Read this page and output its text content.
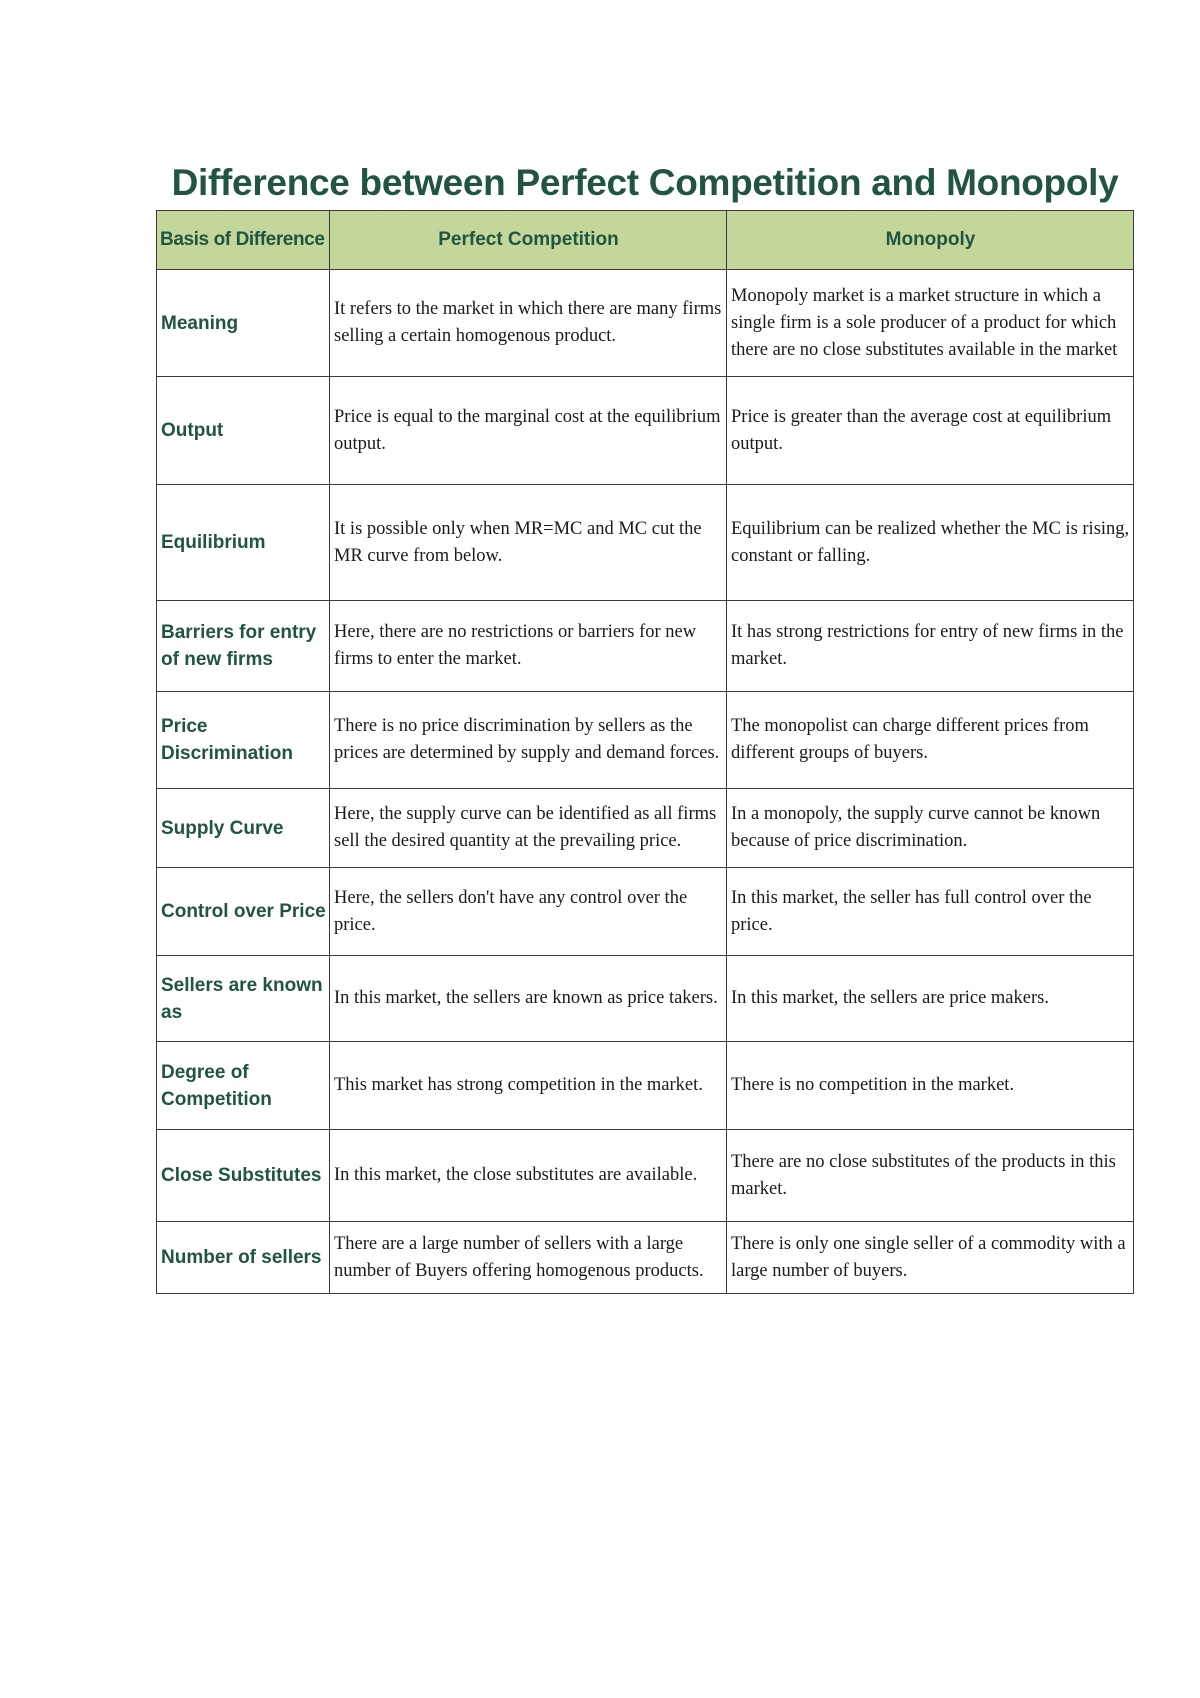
Difference between Perfect Competition and Monopoly
Basis of Difference	Perfect Competition	Monopoly
Meaning	It refers to the market in which there are many firms selling a certain homogenous product.	Monopoly market is a market structure in which a single firm is a sole producer of a product for which there are no close substitutes available in the market
Output	Price is equal to the marginal cost at the equilibrium output.	Price is greater than the average cost at equilibrium output.
Equilibrium	It is possible only when MR=MC and MC cut the MR curve from below.	Equilibrium can be realized whether the MC is rising, constant or falling.
Barriers for entry of new firms	Here, there are no restrictions or barriers for new firms to enter the market.	It has strong restrictions for entry of new firms in the market.
Price Discrimination	There is no price discrimination by sellers as the prices are determined by supply and demand forces.	The monopolist can charge different prices from different groups of buyers.
Supply Curve	Here, the supply curve can be identified as all firms sell the desired quantity at the prevailing price.	In a monopoly, the supply curve cannot be known because of price discrimination.
Control over Price	Here, the sellers don't have any control over the price.	In this market, the seller has full control over the price.
Sellers are known as	In this market, the sellers are known as price takers.	In this market, the sellers are price makers.
Degree of Competition	This market has strong competition in the market.	There is no competition in the market.
Close Substitutes	In this market, the close substitutes are available.	There are no close substitutes of the products in this market.
Number of sellers	There are a large number of sellers with a large number of Buyers offering homogenous products.	There is only one single seller of a commodity with a large number of buyers.
